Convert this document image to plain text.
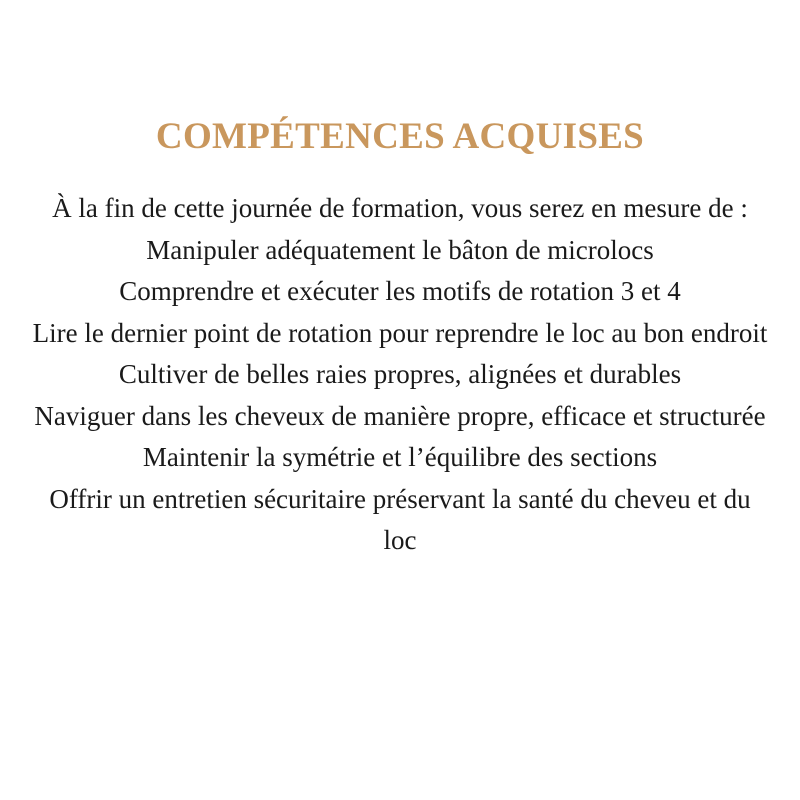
COMPÉTENCES ACQUISES

À la fin de cette journée de formation, vous serez en mesure de :

Manipuler adéquatement le bâton de microlocs

Comprendre et exécuter les motifs de rotation 3 et 4

Lire le dernier point de rotation pour reprendre le loc au bon endroit

Cultiver de belles raies propres, alignées et durables

Naviguer dans les cheveux de manière propre, efficace et structurée

Maintenir la symétrie et l’équilibre des sections

Offrir un entretien sécuritaire préservant la santé du cheveu et du loc
